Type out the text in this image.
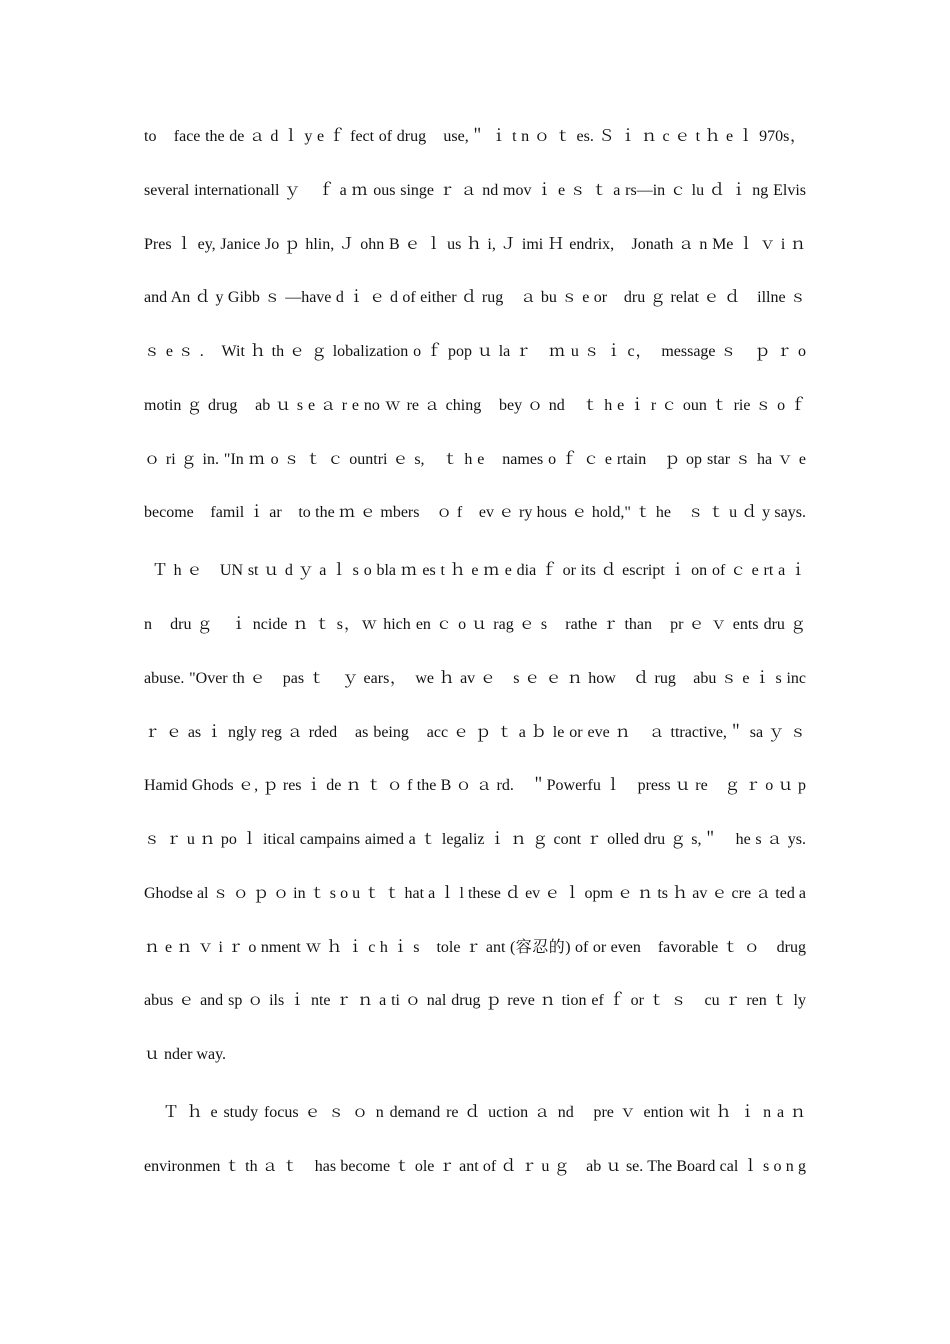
to　face the de ａ d ｌ y e ｆ fect of drug　use,＂ ｉ t n ｏ ｔ es. Ｓ ｉ ｎ c ｅ t ｈ e ｌ 970s，
several internationall ｙ　ｆ a ｍ ous singe ｒ ａ nd mov ｉ e ｓ ｔ a rs—in ｃ lu ｄ ｉ ng Elvis
Pres ｌ ey, Janice Jo ｐ hlin, Ｊ ohn B ｅ ｌ us ｈ i, Ｊ imi Ｈ endrix,　Jonath ａ n Me ｌ ｖ i ｎ
and An ｄ y Gibb ｓ —have d ｉ ｅ d of either ｄ rug　ａ bu ｓ e or　dru ｇ relat ｅ ｄ　illne ｓ
ｓ e ｓ .　Wit ｈ th ｅ ｇ lobalization o ｆ pop ｕ la ｒ　ｍ u ｓ ｉ c，　message ｓ　ｐ ｒ o
motin ｇ drug　ab ｕ s e ａ r e no ｗ re ａ ching　bey ｏ nd　ｔ h e ｉ r ｃ oun ｔ rie ｓ o ｆ
ｏ ri ｇ in. "In ｍ o ｓ ｔ ｃ ountri ｅ s,　ｔ h e　names o ｆ ｃ e rtain　ｐ op star ｓ ha ｖ e
become　famil ｉ ar　to the ｍ ｅ mbers　ｏ f　ev ｅ ry hous ｅ hold," ｔ he　ｓ ｔ u ｄ y says.
Ｔ h ｅ　UN st ｕ d ｙ a ｌ s o bla ｍ es t ｈ e ｍ e dia ｆ or its ｄ escript ｉ on of ｃ e rt a ｉ
n　dru ｇ　ｉ ncide ｎ ｔ s，ｗ hich en ｃ o ｕ rag ｅ s　rathe ｒ than　pr ｅ ｖ ents dru ｇ
abuse. "Over th ｅ　pas ｔ　ｙ ears，　we ｈ av ｅ　s ｅ ｅ ｎ how　ｄ rug　abu ｓ e ｉ s inc
ｒ ｅ as ｉ ngly reg ａ rded　as being　acc ｅ ｐ ｔ a ｂ le or eve ｎ　ａ ttractive,＂ sa ｙ ｓ
Hamid Ghods ｅ, ｐ res ｉ de ｎ ｔ ｏ f the B ｏ ａ rd.　＂Powerfu ｌ　press ｕ re　ｇ ｒ o ｕ p
ｓ ｒ u ｎ po ｌ itical campains aimed a ｔ legaliz ｉ ｎ ｇ cont ｒ olled dru ｇ s,＂　he s ａ ys.
Ghodse al ｓ ｏ ｐ ｏ in ｔ s o u ｔ ｔ hat a ｌ l these ｄ ev ｅ ｌ opm ｅ ｎ ts ｈ av ｅ cre ａ ted a
ｎ e ｎ ｖ i ｒ o nment ｗ ｈ ｉ c h ｉ s　tole ｒ ant (容忍的) of or even　favorable ｔ ｏ　drug
abus ｅ and sp ｏ ils ｉ nte ｒ ｎ a ti ｏ nal drug ｐ reve ｎ tion ef ｆ or ｔ ｓ　cu ｒ ren ｔ ly
ｕ nder way.
Ｔ ｈ e study focus ｅ ｓ ｏ n demand re ｄ uction ａ nd　pre ｖ ention wit ｈ ｉ n a ｎ
environmen ｔ th ａ ｔ　has become ｔ ole ｒ ant of ｄ ｒ u ｇ　ab ｕ se. The Board cal ｌ s o n g
